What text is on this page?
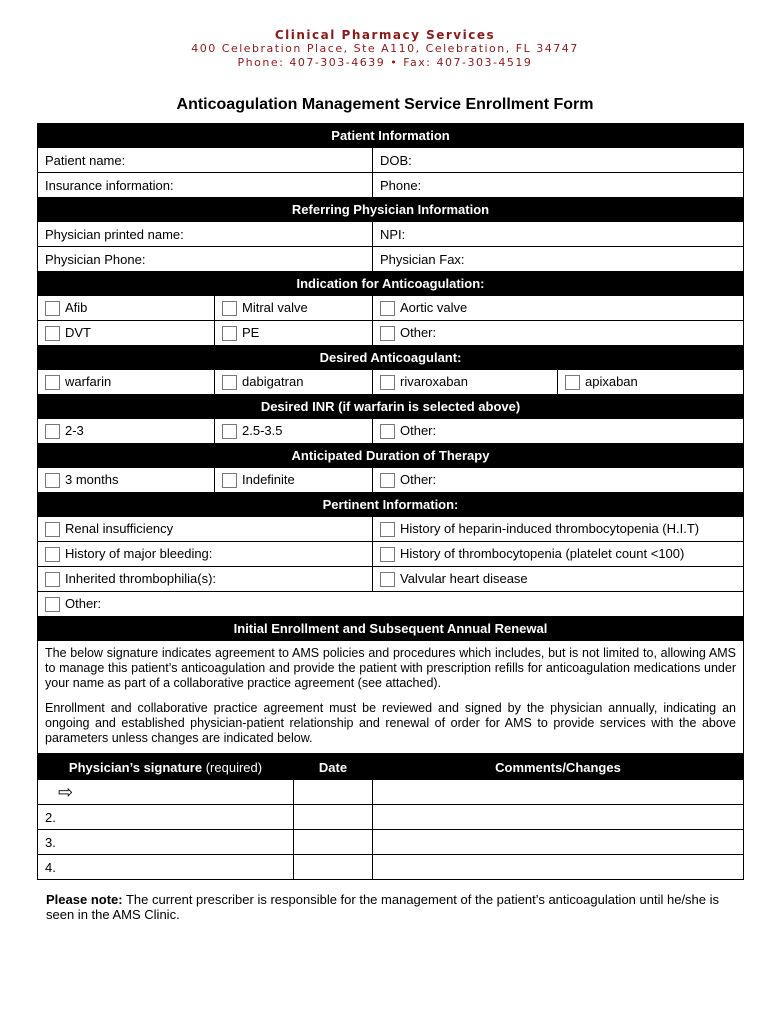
Clinical Pharmacy Services
400 Celebration Place, Ste A110, Celebration, FL 34747
Phone: 407-303-4639 • Fax: 407-303-4519
Anticoagulation Management Service Enrollment Form
Patient Information			
Patient name:		DOB:	
Insurance information:		Phone:	
Referring Physician Information			
Physician printed name:		NPI:	
Physician Phone:		Physician Fax:	
Indication for Anticoagulation:			
Afib	Mitral valve	Aortic valve	
DVT	PE	Other:	
Desired Anticoagulant:			
warfarin	dabigatran	rivaroxaban	apixaban
Desired INR (if warfarin is selected above)			
2-3	2.5-3.5	Other:	
Anticipated Duration of Therapy			
3 months	Indefinite	Other:	
Pertinent Information:			
Renal insufficiency		History of heparin-induced thrombocytopenia (H.I.T)	
History of major bleeding:		History of thrombocytopenia (platelet count <100)	
Inherited thrombophilia(s):		Valvular heart disease	
Other:			
Initial Enrollment and Subsequent Annual Renewal			

The below signature indicates agreement to AMS policies and procedures which includes, but is not limited to, allowing AMS to manage this patient’s anticoagulation and provide the patient with prescription refills for anticoagulation medications under your name as part of a collaborative practice agreement (see attached).

Enrollment and collaborative practice agreement must be reviewed and signed by the physician annually, indicating an ongoing and established physician-patient relationship and renewal of order for AMS to provide services with the above parameters unless changes are indicated below.			

Physician’s signature (required)	Date	Comments/Changes
⇨		
2.		
3.		
4.		
Please note: The current prescriber is responsible for the management of the patient’s anticoagulation until he/she is seen in the AMS Clinic.
